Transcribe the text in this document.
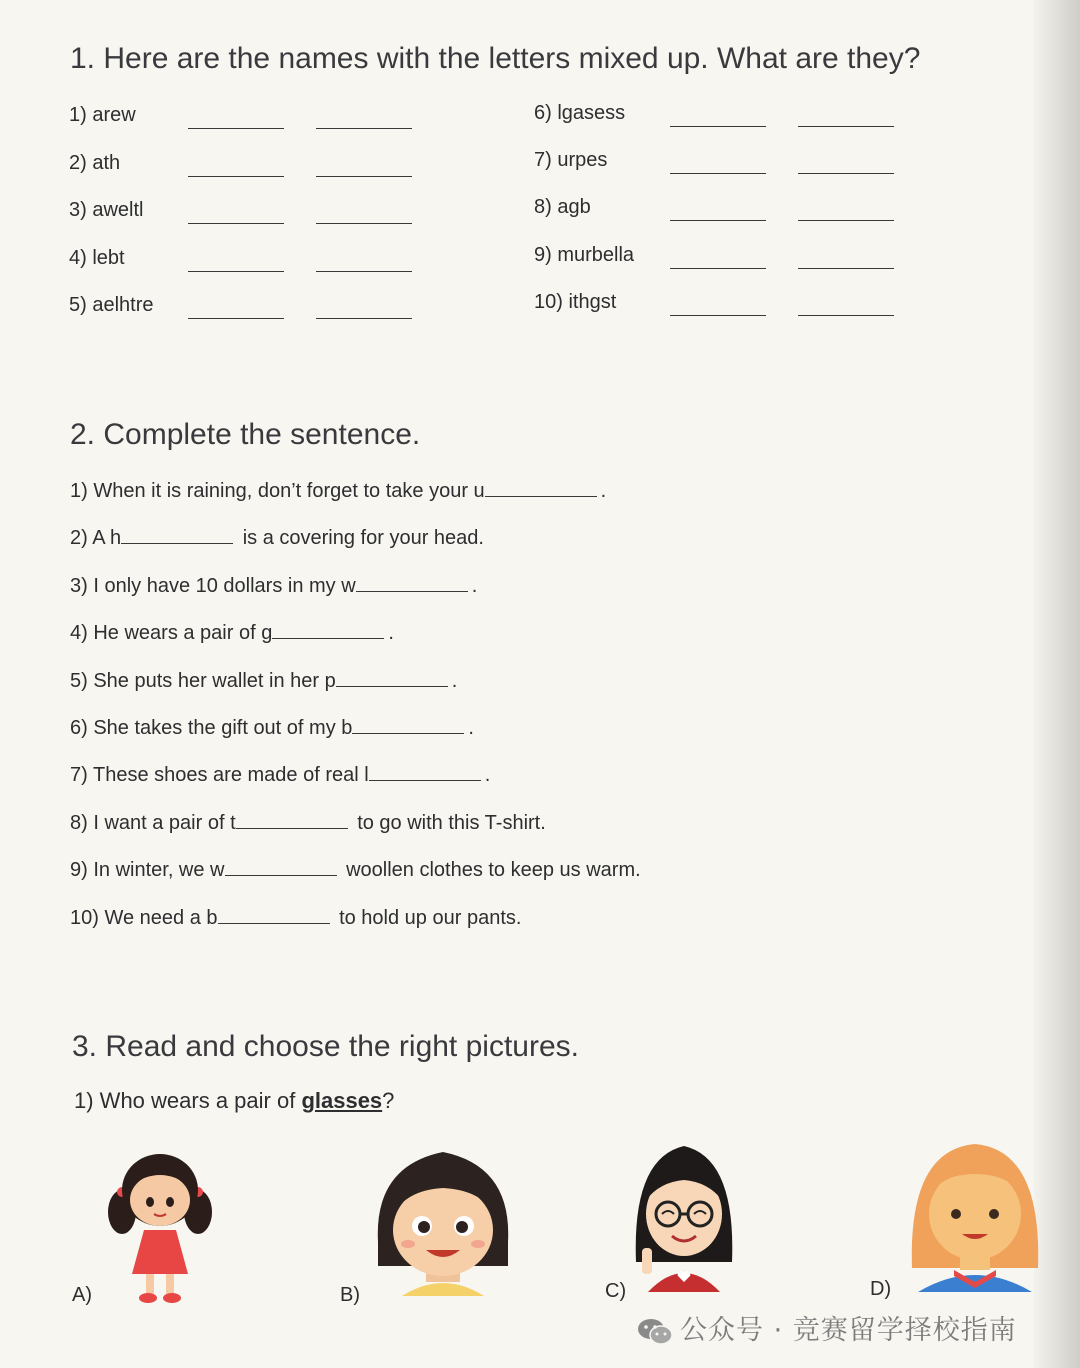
1. Here are the names with the letters mixed up. What are they?
1) arew
2) ath
3) aweltl
4) lebt
5) aelhtre
6) lgasess
7) urpes
8) agb
9) murbella
10) ithgst
2. Complete the sentence.
1) When it is raining, don’t forget to take your u	.
2) A h	is a covering for your head.
3) I only have 10 dollars in my w	.
4) He wears a pair of g	.
5) She puts her wallet in her p	.
6) She takes the gift out of my b	.
7) These shoes are made of real l	.
8) I want a pair of t	to go with this T-shirt.
9) In winter, we w	woollen clothes to keep us warm.
10) We need a b	to hold up our pants.
3. Read and choose the right pictures.
1) Who wears a pair of glasses?
A)	B)	C)	D)
公众号 · 竞赛留学择校指南
